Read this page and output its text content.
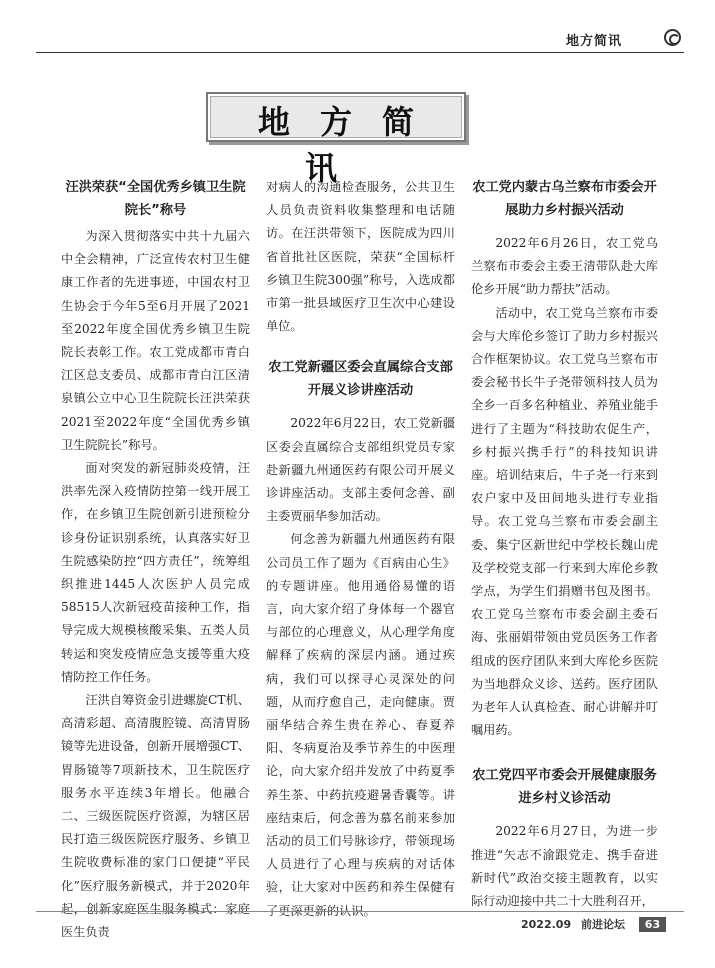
地方简讯
地方简讯
汪洪荣获“全国优秀乡镇卫生院院长”称号

为深入贯彻落实中共十九届六中全会精神，广泛宣传农村卫生健康工作者的先进事迹，中国农村卫生协会于今年5至6月开展了2021至2022年度全国优秀乡镇卫生院院长表彰工作。农工党成都市青白江区总支委员、成都市青白江区清泉镇公立中心卫生院院长汪洪荣获2021至2022年度“全国优秀乡镇卫生院院长”称号。

面对突发的新冠肺炎疫情，汪洪率先深入疫情防控第一线开展工作，在乡镇卫生院创新引进预检分诊身份证识别系统，认真落实好卫生院感染防控“四方责任”，统筹组织推进1445人次医护人员完成58515人次新冠疫苗接种工作，指导完成大规模核酸采集、五类人员转运和突发疫情应急支援等重大疫情防控工作任务。

汪洪自筹资金引进螺旋CT机、高清彩超、高清腹腔镜、高清胃肠镜等先进设备，创新开展增强CT、胃肠镜等7项新技术，卫生院医疗服务水平连续3年增长。他融合二、三级医院医疗资源，为辖区居民打造三级医院医疗服务、乡镇卫生院收费标准的家门口便捷“平民化”医疗服务新模式，并于2020年起，创新家庭医生服务模式：家庭医生负责

对病人的沟通检查服务，公共卫生人员负责资料收集整理和电话随访。在汪洪带领下，医院成为四川省首批社区医院，荣获“全国标杆乡镇卫生院300强”称号，入选成都市第一批县域医疗卫生次中心建设单位。

农工党新疆区委会直属综合支部开展义诊讲座活动

2022年6月22日，农工党新疆区委会直属综合支部组织党员专家赴新疆九州通医药有限公司开展义诊讲座活动。支部主委何念善、副主委贾丽华参加活动。

何念善为新疆九州通医药有限公司员工作了题为《百病由心生》的专题讲座。他用通俗易懂的语言，向大家介绍了身体每一个器官与部位的心理意义，从心理学角度解释了疾病的深层内涵。通过疾病，我们可以探寻心灵深处的问题，从而疗愈自己，走向健康。贾丽华结合养生贵在养心、春夏养阳、冬病夏治及季节养生的中医理论，向大家介绍并发放了中药夏季养生茶、中药抗疫避暑香囊等。讲座结束后，何念善为慕名前来参加活动的员工们号脉诊疗，带领现场人员进行了心理与疾病的对话体验，让大家对中医药和养生保健有了更深更新的认识。

农工党内蒙古乌兰察布市委会开展助力乡村振兴活动

2022年6月26日，农工党乌兰察布市委会主委王清带队赴大库伦乡开展“助力帮扶”活动。

活动中，农工党乌兰察布市委会与大库伦乡签订了助力乡村振兴合作框架协议。农工党乌兰察布市委会秘书长牛子尧带领科技人员为全乡一百多名种植业、养殖业能手进行了主题为“科技助农促生产，乡村振兴携手行”的科技知识讲座。培训结束后，牛子尧一行来到农户家中及田间地头进行专业指导。农工党乌兰察布市委会副主委、集宁区新世纪中学校长魏山虎及学校党支部一行来到大库伦乡教学点，为学生们捐赠书包及图书。农工党乌兰察布市委会副主委石海、张丽娟带领由党员医务工作者组成的医疗团队来到大库伦乡医院为当地群众义诊、送药。医疗团队为老年人认真检查、耐心讲解并叮嘱用药。

农工党四平市委会开展健康服务进乡村义诊活动

2022年6月27日，为进一步推进“矢志不渝跟党走、携手奋进新时代”政治交接主题教育，以实际行动迎接中共二十大胜利召开，

2022.09 前进论坛 63
